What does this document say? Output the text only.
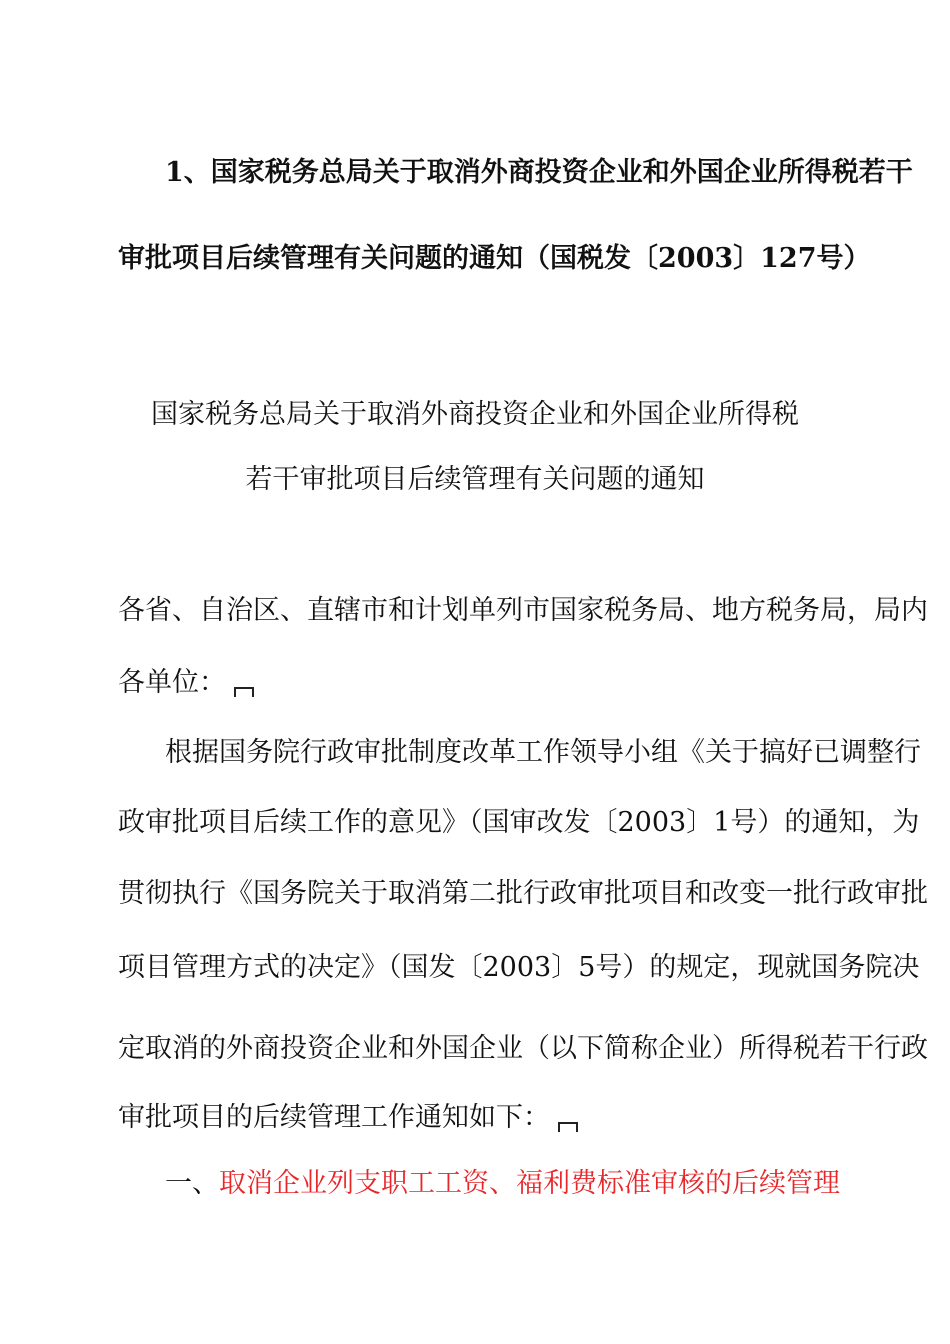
1、国家税务总局关于取消外商投资企业和外国企业所得税若干

审批项目后续管理有关问题的通知（国税发〔2003〕127号）

国家税务总局关于取消外商投资企业和外国企业所得税

若干审批项目后续管理有关问题的通知

各省、自治区、直辖市和计划单列市国家税务局、地方税务局，局内

各单位：

根据国务院行政审批制度改革工作领导小组《关于搞好已调整行

政审批项目后续工作的意见》（国审改发〔2003〕1号）的通知，为

贯彻执行《国务院关于取消第二批行政审批项目和改变一批行政审批

项目管理方式的决定》（国发〔2003〕5号）的规定，现就国务院决

定取消的外商投资企业和外国企业（以下简称企业）所得税若干行政

审批项目的后续管理工作通知如下：

一、取消企业列支职工工资、福利费标准审核的后续管理
